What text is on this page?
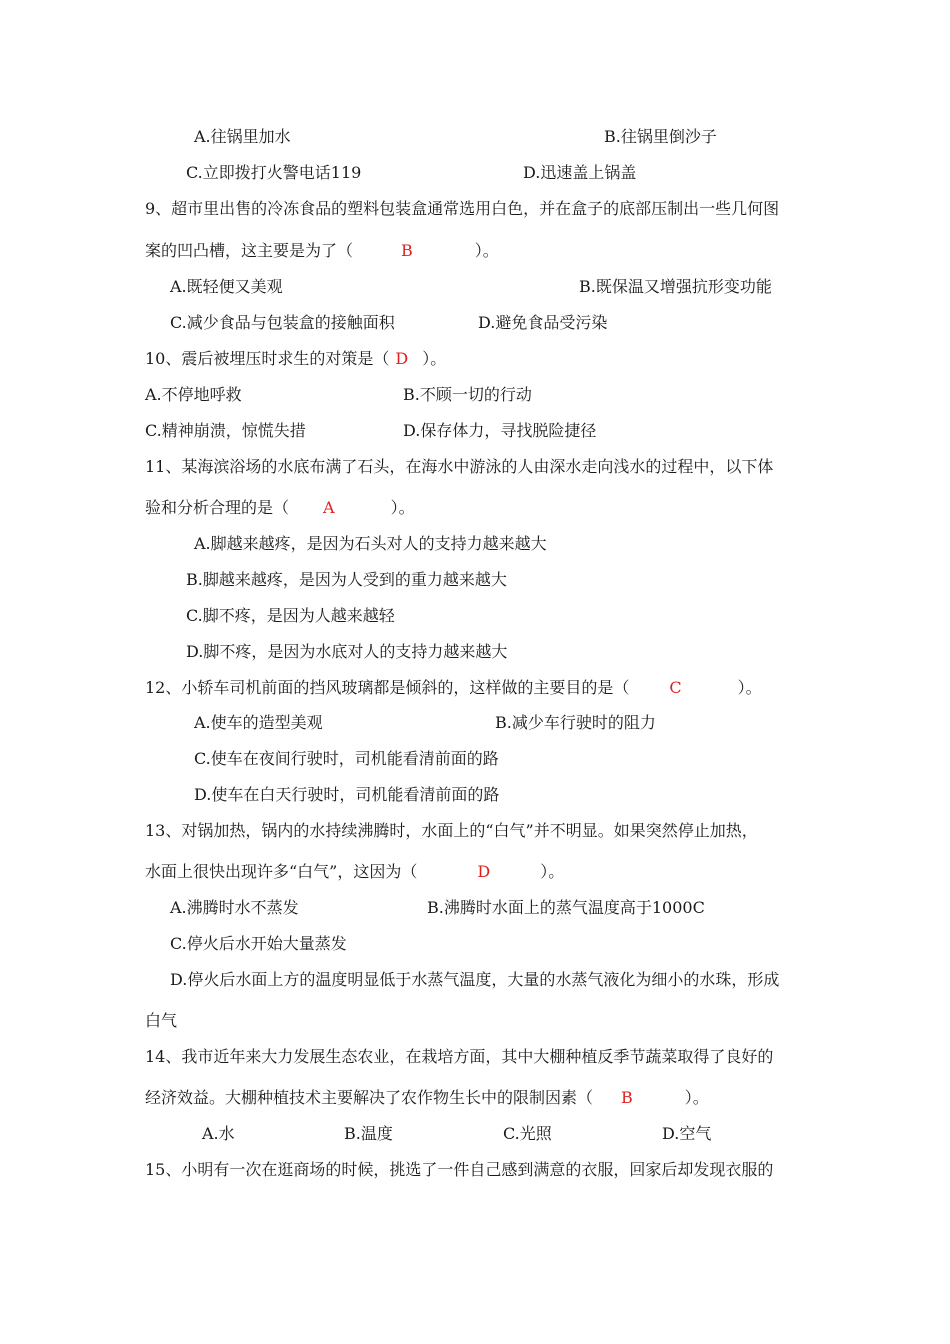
A.往锅里加水	B.往锅里倒沙子
C.立即拨打火警电话119	D.迅速盖上锅盖
9、超市里出售的冷冻食品的塑料包装盒通常选用白色，并在盒子的底部压制出一些几何图
案的凹凸槽，这主要是为了（	B	）。
A.既轻便又美观	B.既保温又增强抗形变功能
C.减少食品与包装盒的接触面积	D.避免食品受污染
10、震后被埋压时求生的对策是（ D ）。
A.不停地呼救	B.不顾一切的行动
C.精神崩溃，惊慌失措	D.保存体力，寻找脱险捷径
11、某海滨浴场的水底布满了石头，在海水中游泳的人由深水走向浅水的过程中，以下体
验和分析合理的是（ A	）。
A.脚越来越疼，是因为石头对人的支持力越来越大
B.脚越来越疼，是因为人受到的重力越来越大
C.脚不疼，是因为人越来越轻
D.脚不疼，是因为水底对人的支持力越来越大
12、小轿车司机前面的挡风玻璃都是倾斜的，这样做的主要目的是（	C	）。
A.使车的造型美观	B.减少车行驶时的阻力
C.使车在夜间行驶时，司机能看清前面的路
D.使车在白天行驶时，司机能看清前面的路
13、对锅加热，锅内的水持续沸腾时，水面上的“白气”并不明显。如果突然停止加热，
水面上很快出现许多“白气”，这因为（	D	）。
A.沸腾时水不蒸发	B.沸腾时水面上的蒸气温度高于1000C
C.停火后水开始大量蒸发
D.停火后水面上方的温度明显低于水蒸气温度，大量的水蒸气液化为细小的水珠，形成
白气
14、我市近年来大力发展生态农业，在栽培方面，其中大棚种植反季节蔬菜取得了良好的
经济效益。大棚种植技术主要解决了农作物生长中的限制因素（ B	）。
A.水	B.温度	C.光照	D.空气
15、小明有一次在逛商场的时候，挑选了一件自己感到满意的衣服，回家后却发现衣服的
